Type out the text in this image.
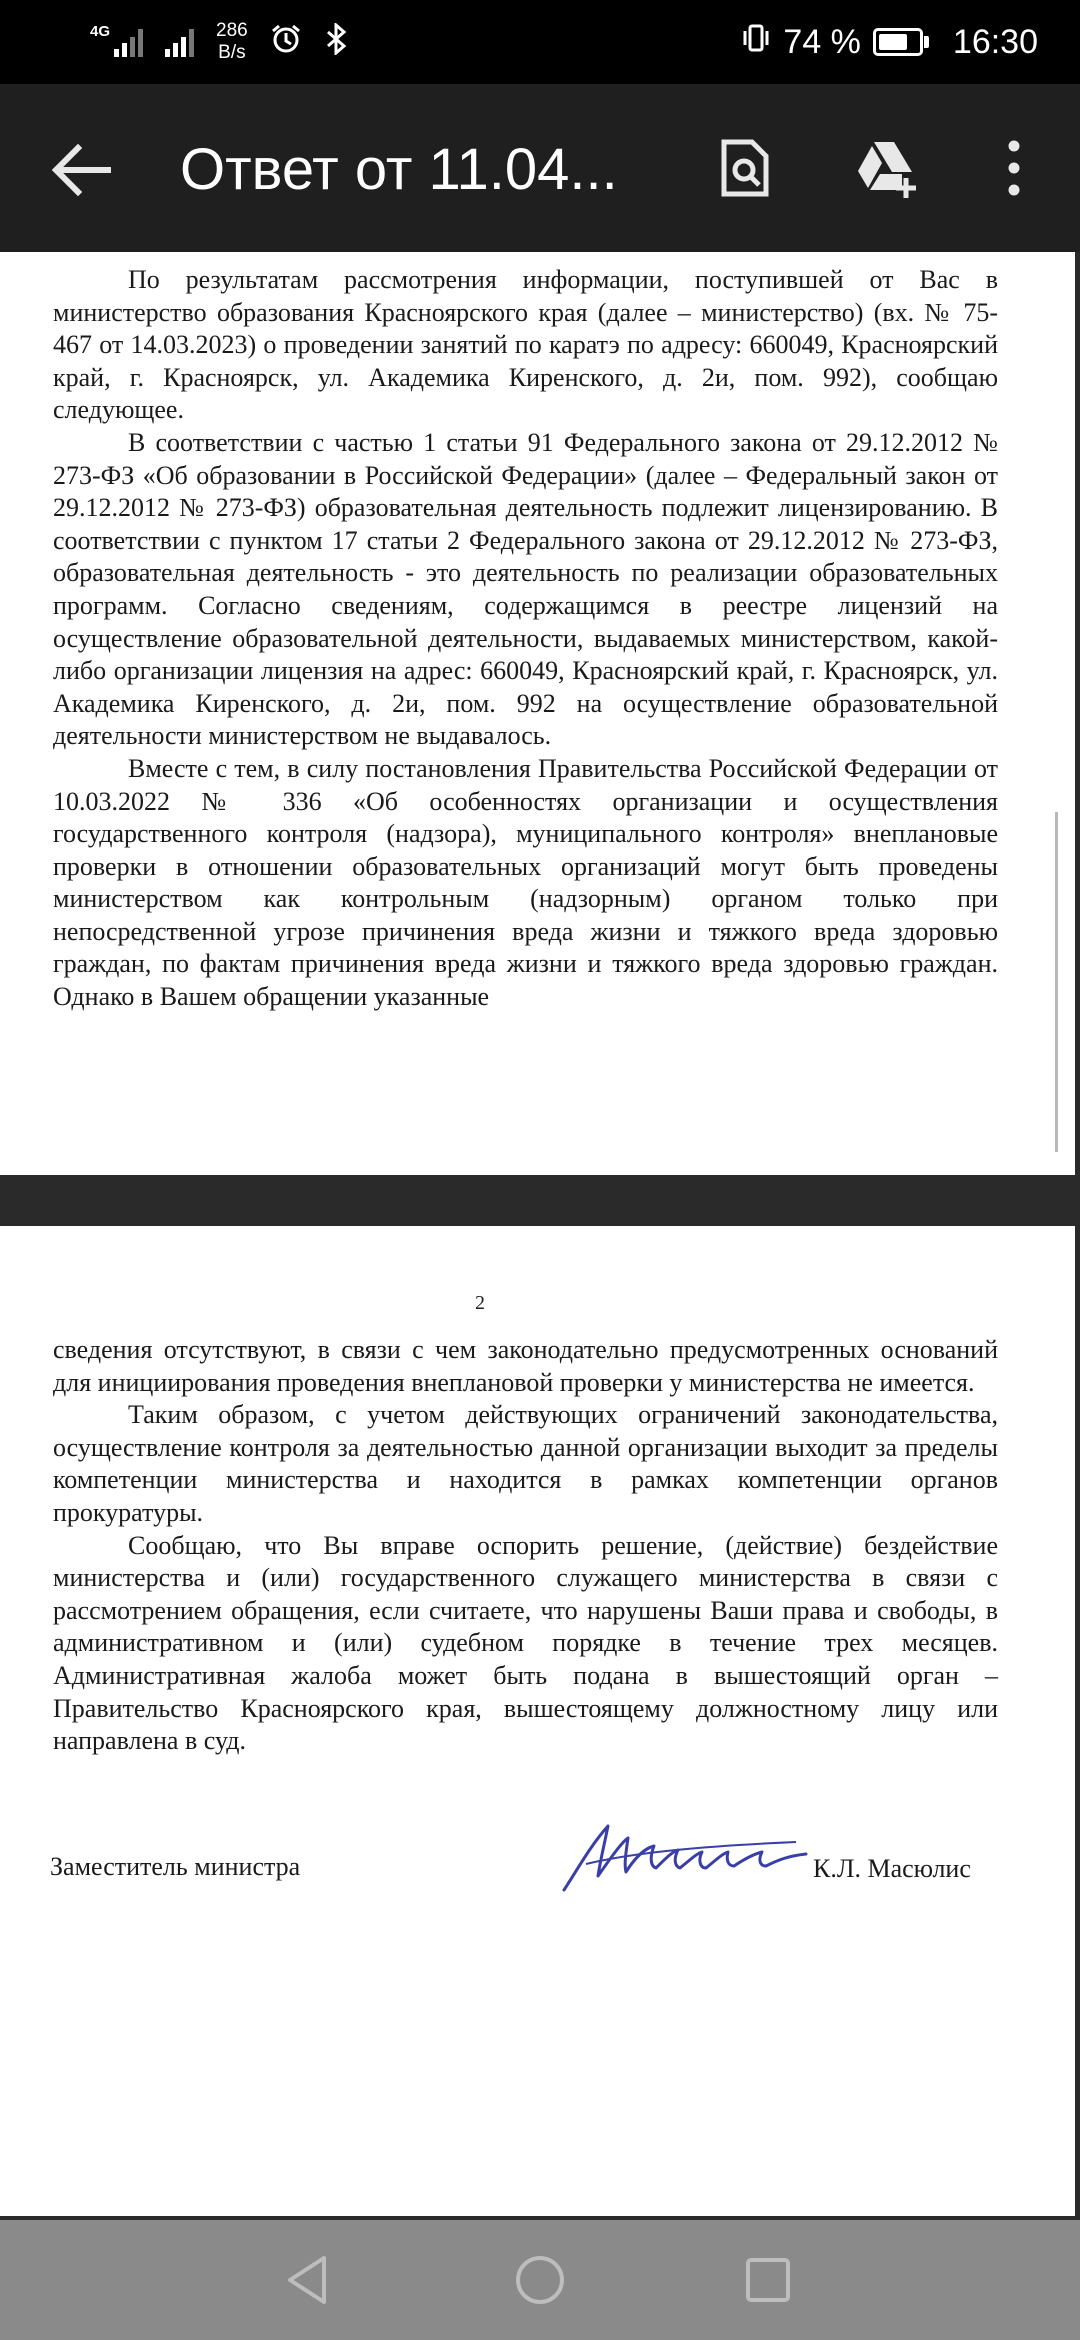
4G	286
B/s	74 %	16:30
Ответ от 11.04...

По результатам рассмотрения информации, поступившей от Вас в министерство образования Красноярского края (далее – министерство) (вх. № 75-467 от 14.03.2023) о проведении занятий по каратэ по адресу: 660049, Красноярский край, г. Красноярск, ул. Академика Киренского, д. 2и, пом. 992), сообщаю следующее.

В соответствии с частью 1 статьи 91 Федерального закона от 29.12.2012 № 273-ФЗ «Об образовании в Российской Федерации» (далее – Федеральный закон от 29.12.2012 № 273-ФЗ) образовательная деятельность подлежит лицензированию. В соответствии с пунктом 17 статьи 2 Федерального закона от 29.12.2012 № 273-ФЗ, образовательная деятельность - это деятельность по реализации образовательных программ. Согласно сведениям, содержащимся в реестре лицензий на осуществление образовательной деятельности, выдаваемых министерством, какой-либо организации лицензия на адрес: 660049, Красноярский край, г. Красноярск, ул. Академика Киренского, д. 2и, пом. 992 на осуществление образовательной деятельности министерством не выдавалось.

Вместе с тем, в силу постановления Правительства Российской Федерации от 10.03.2022 № 336 «Об особенностях организации и осуществления государственного контроля (надзора), муниципального контроля» внеплановые проверки в отношении образовательных организаций могут быть проведены министерством как контрольным (надзорным) органом только при непосредственной угрозе причинения вреда жизни и тяжкого вреда здоровью граждан, по фактам причинения вреда жизни и тяжкого вреда здоровью граждан. Однако в Вашем обращении указанные

2

сведения отсутствуют, в связи с чем законодательно предусмотренных оснований для инициирования проведения внеплановой проверки у министерства не имеется.

Таким образом, с учетом действующих ограничений законодательства, осуществление контроля за деятельностью данной организации выходит за пределы компетенции министерства и находится в рамках компетенции органов прокуратуры.

Сообщаю, что Вы вправе оспорить решение, (действие) бездействие министерства и (или) государственного служащего министерства в связи с рассмотрением обращения, если считаете, что нарушены Ваши права и свободы, в административном и (или) судебном порядке в течение трех месяцев. Административная жалоба может быть подана в вышестоящий орган – Правительство Красноярского края, вышестоящему должностному лицу или направлена в суд.

Заместитель министра	К.Л. Масюлис
